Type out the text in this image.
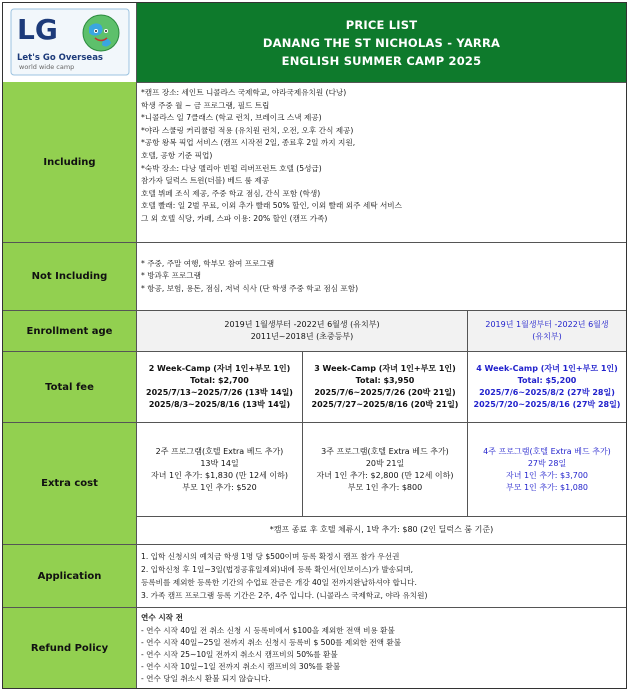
LG
Let's Go Overseas
world wide camp
PRICE LIST
DANANG THE ST NICHOLAS - YARRA
ENGLISH SUMMER CAMP 2025
Including
*캠프 장소: 세인트 니콜라스 국제학교, 야라국제유치원 (다낭)
학생 주중 월 ~ 금 프로그램, 필드 트립
*니콜라스 일 7클래스 (학교 런치, 브레이크 스낵 제공)
*야라 스쿨링 커리큘럼 적용 (유치원 런치, 오전, 오후 간식 제공)
*공항 왕복 픽업 서비스 (캠프 시작전 2일, 종료후 2일 까지 지원,
호텔, 공항 기준 픽업)
*숙박 장소: 다낭 멜리아 빈펄 리버프런트 호텔 (5성급)
참가자 딜럭스 트윈(더블) 베드 룸 제공
호텔 뷔페 조식 제공, 주중 학교 점심, 간식 포함 (학생)
호텔 빨래: 일 2벌 무료, 이외 추가 빨래 50% 할인, 이외 빨래 외주 세탁 서비스
그 외 호텔 식당, 카페, 스파 이용: 20% 할인 (캠프 가족)
Not Including
* 주중, 주말 여행, 학부모 참여 프로그램
* 방과후 프로그램
* 항공, 보험, 용돈, 점심, 저녁 식사 (단 학생 주중 학교 점심 포함)
Enrollment age
2019년 1월생부터 -2022년 6월생 (유치부)
2011년~2018년 (초중등부)
2019년 1월생부터 -2022년 6월생
(유치부)
Total fee
2 Week-Camp (자녀 1인+부모 1인)
Total: $2,700
2025/7/13~2025/7/26 (13박 14일)
2025/8/3~2025/8/16 (13박 14일)
3 Week-Camp (자녀 1인+부모 1인)
Total: $3,950
2025/7/6~2025/7/26 (20박 21일)
2025/7/27~2025/8/16 (20박 21일)
4 Week-Camp (자녀 1인+부모 1인)
Total: $5,200
2025/7/6~2025/8/2 (27박 28일)
2025/7/20~2025/8/16 (27박 28일)
Extra cost
2주 프로그램(호텔 Extra 베드 추가)
13박 14일
자녀 1인 추가: $1,830 (만 12세 이하)
부모 1인 추가: $520
3주 프로그램(호텔 Extra 베드 추가)
20박 21일
자녀 1인 추가: $2,800 (만 12세 이하)
부모 1인 추가: $800
4주 프로그램(호텔 Extra 베드 추가)
27박 28일
자녀 1인 추가: $3,700
부모 1인 추가: $1,080
*캠프 종료 후 호텔 체류시, 1박 추가: $80 (2인 딜럭스 룸 기준)
Application
1. 입학 신청시의 예치금 학생 1명 당 $500이며 등록 확정시 캠프 참가 우선권
2. 입학신청 후 1일~3일(법정공휴일제외)내에 등록 확인서(인보이스)가 발송되며,
등록비를 제외한 등록한 기간의 수업료 잔금은 개강 40일 전까지완납하셔야 합니다.
3. 가족 캠프 프로그램 등록 기간은 2주, 4주 입니다. (니콜라스 국제학교, 야라 유치원)
Refund Policy
연수 시작 전
- 연수 시작 40일 전 취소 신청 시 등록비에서 $100을 제외한 전액 비용 환불
- 연수 시작 40일~25일 전까지 취소 신청시 등록비 $ 500를 제외한 전액 환불
- 연수 시작 25~10일 전까지 취소시 캠프비의 50%를 환불
- 연수 시작 10일~1일 전까지 취소시 캠프비의 30%를 환불
- 연수 당일 취소시 환불 되지 않습니다.
